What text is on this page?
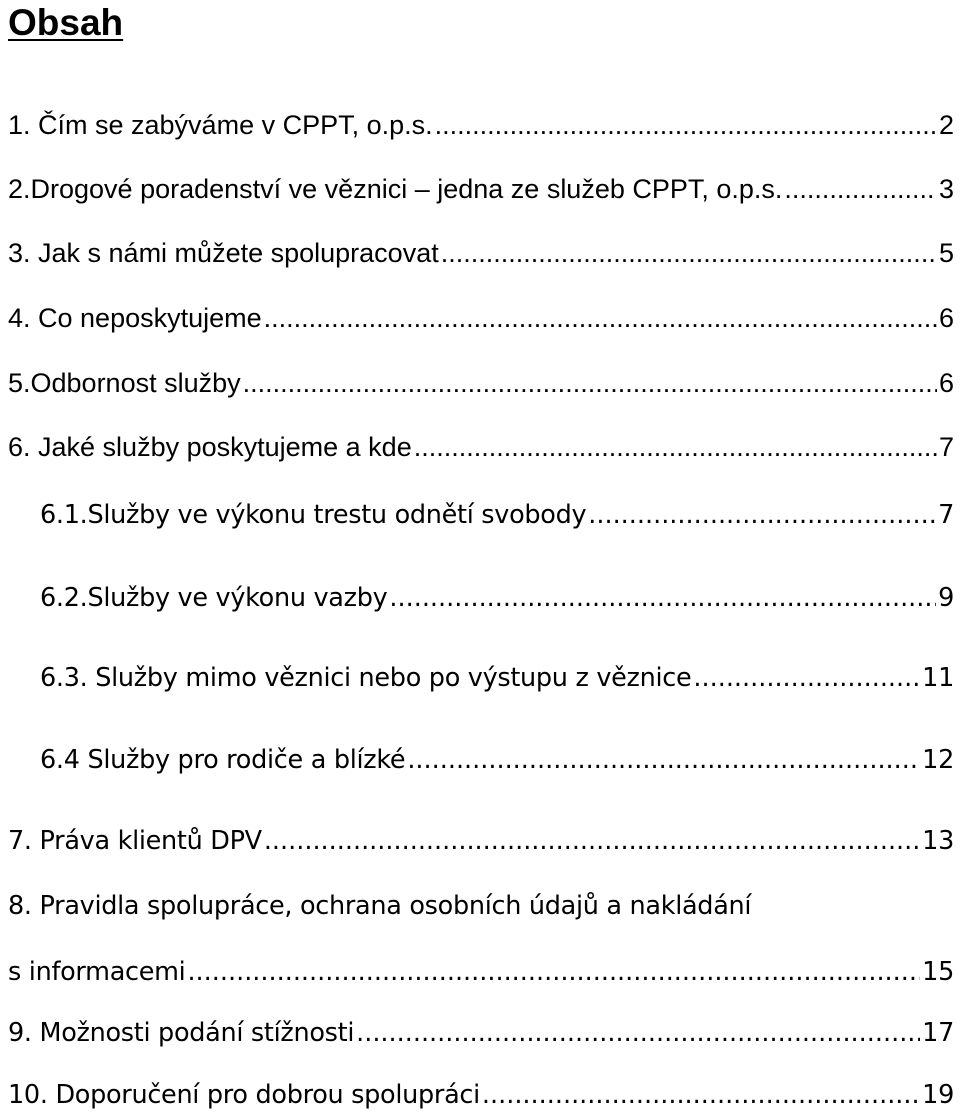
Obsah
1. Čím se zabýváme v CPPT, o.p.s. .....	2
2.Drogové poradenství ve věznici – jedna ze služeb CPPT, o.p.s. .....	3
3. Jak s námi můžete spolupracovat .....	5
4. Co neposkytujeme .....	6
5.Odbornost služby .....	6
6. Jaké služby poskytujeme a kde .....	7
6.1.Služby ve výkonu trestu odnětí svobody .....	7
6.2.Služby ve výkonu vazby .....	9
6.3. Služby mimo věznici nebo po výstupu z věznice .....	11
6.4 Služby pro rodiče a blízké .....	12
7. Práva klientů DPV .....	13
8. Pravidla spolupráce, ochrana osobních údajů a nakládání
s informacemi .....	15
9. Možnosti podání stížnosti .....	17
10. Doporučení pro dobrou spolupráci .....	19
